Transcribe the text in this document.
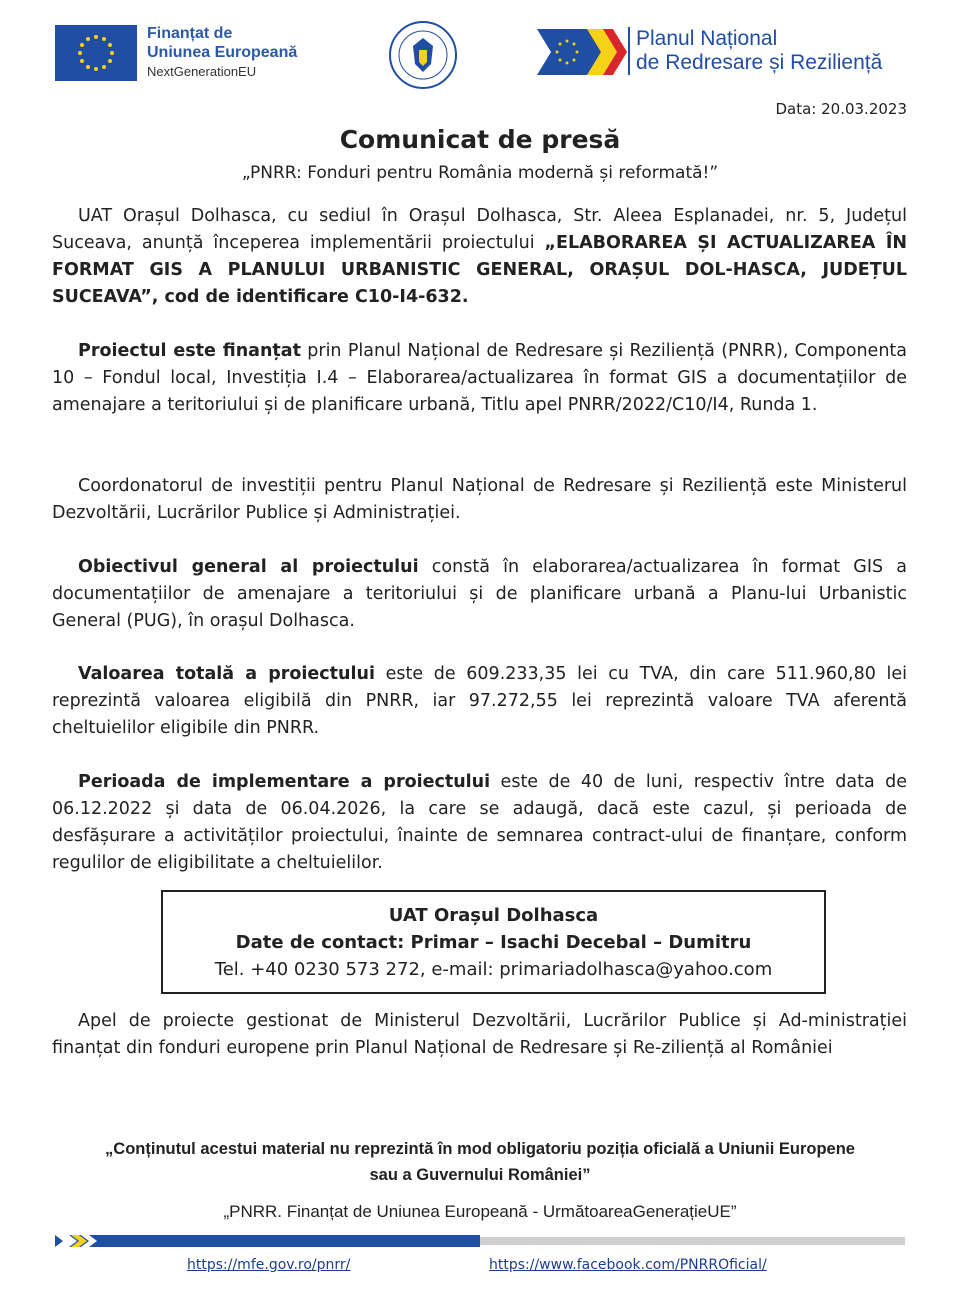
Finanțat de
Uniunea Europeană
NextGenerationEU
Planul Național
de Redresare și Reziliență
Data: 20.03.2023
Comunicat de presă
„PNRR: Fonduri pentru România modernă și reformată!”
UAT Orașul Dolhasca, cu sediul în Orașul Dolhasca, Str. Aleea Esplanadei, nr. 5, Județul Suceava, anunță începerea implementării proiectului „ELABORAREA ȘI ACTUALIZAREA ÎN FORMAT GIS A PLANULUI URBANISTIC GENERAL, ORAȘUL DOL-HASCA, JUDEȚUL SUCEAVA”, cod de identificare C10-I4-632.
Proiectul este finanțat prin Planul Național de Redresare și Reziliență (PNRR), Componenta 10 – Fondul local, Investiția I.4 – Elaborarea/actualizarea în format GIS a documentațiilor de amenajare a teritoriului și de planificare urbană, Titlu apel PNRR/2022/C10/I4, Runda 1.
Coordonatorul de investiții pentru Planul Național de Redresare și Reziliență este Ministerul Dezvoltării, Lucrărilor Publice și Administrației.
Obiectivul general al proiectului constă în elaborarea/actualizarea în format GIS a documentațiilor de amenajare a teritoriului și de planificare urbană a Planu-lui Urbanistic General (PUG), în orașul Dolhasca.
Valoarea totală a proiectului este de 609.233,35 lei cu TVA, din care 511.960,80 lei reprezintă valoarea eligibilă din PNRR, iar 97.272,55 lei reprezintă valoare TVA aferentă cheltuielilor eligibile din PNRR.
Perioada de implementare a proiectului este de 40 de luni, respectiv între data de 06.12.2022 și data de 06.04.2026, la care se adaugă, dacă este cazul, și perioada de desfășurare a activităților proiectului, înainte de semnarea contract-ului de finanțare, conform regulilor de eligibilitate a cheltuielilor.
UAT Orașul Dolhasca
Date de contact: Primar – Isachi Decebal – Dumitru
Tel. +40 0230 573 272, e-mail: primariadolhasca@yahoo.com
Apel de proiecte gestionat de Ministerul Dezvoltării, Lucrărilor Publice și Ad-ministrației finanțat din fonduri europene prin Planul Național de Redresare și Re-ziliență al României
„Conținutul acestui material nu reprezintă în mod obligatoriu poziția oficială a Uniunii Europene sau a Guvernului României”
„PNRR. Finanțat de Uniunea Europeană - UrmătoareaGenerațieUE”
https://mfe.gov.ro/pnrr/	https://www.facebook.com/PNRROficial/
